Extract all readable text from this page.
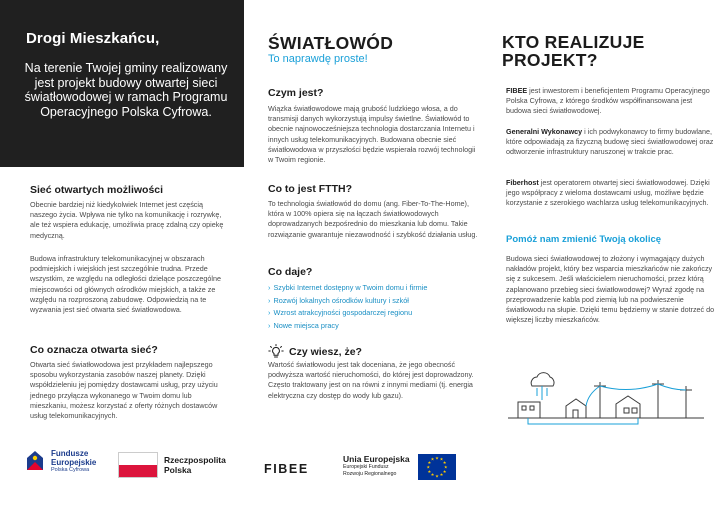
Drogi Mieszkańcu,
Na terenie Twojej gminy realizowany jest projekt budowy otwartej sieci światłowodowej w ramach Programu Operacyjnego Polska Cyfrowa.
Sieć otwartych możliwości

Obecnie bardziej niż kiedykolwiek Internet jest częścią naszego życia. Wpływa nie tylko na komunikację i rozrywkę, ale też wspiera edukację, umożliwia pracę zdalną czy opiekę medyczną.

Budowa infrastruktury telekomunikacyjnej w obszarach podmiejskich i wiejskich jest szczególnie trudna. Przede wszystkim, ze względu na odległości dzielące poszczególne miejscowości od głównych ośrodków miejskich, a także ze względu na rozproszoną zabudowę. Odpowiedzią na te wyzwania jest sieć otwarta sieć światłowodowa.

Co oznacza otwarta sieć?

Otwarta sieć światłowodowa jest przykładem najlepszego sposobu wykorzystania zasobów naszej planety. Dzięki współdzieleniu jej pomiędzy dostawcami usług, przy użyciu jednego przyłącza wykonanego w Twoim domu lub mieszkaniu, możesz korzystać z oferty różnych dostawców usług telekomunikacyjnych.

ŚWIATŁOWÓD
To naprawdę proste!
Czym jest?

Wiązka światłowodowe mają grubość ludzkiego włosa, a do transmisji danych wykorzystują impulsy świetlne. Światłowód to obecnie najnowocześniejsza technologia dostarczania Internetu i innych usług telekomunikacyjnych. Budowana obecnie sieć światłowodowa w przyszłości będzie wspierała rozwój technologii w Twoim regionie.

Co to jest FTTH?

To technologia światłowód do domu (ang. Fiber-To-The-Home), która w 100% opiera się na łączach światłowodowych doprowadzanych bezpośrednio do mieszkania lub domu. Takie rozwiązanie gwarantuje niezawodność i szybkość działania usług.

Co daje?
› Szybki Internet dostępny w Twoim domu i firmie
› Rozwój lokalnych ośrodków kultury i szkół
› Wzrost atrakcyjności gospodarczej regionu
› Nowe miejsca pracy
Czy wiesz, że?

Wartość światłowodu jest tak doceniana, że jego obecność podwyższa wartość nieruchomości, do której jest doprowadzony. Często traktowany jest on na równi z innymi mediami (tj. energia elektryczna czy dostęp do wody lub gazu).

KTO REALIZUJE
PROJEKT?

FIBEE jest inwestorem i beneficjentem Programu Operacyjnego Polska Cyfrowa, z którego środków współfinansowana jest budowa sieci światłowodowej.

Generalni Wykonawcy i ich podwykonawcy to firmy budowlane, które odpowiadają za fizyczną budowę sieci światłowodowej oraz odtworzenie infrastruktury naruszonej w trakcie prac.

Fiberhost jest operatorem otwartej sieci światłowodowej. Dzięki jego współpracy z wieloma dostawcami usług, możliwe będzie korzystanie z szerokiego wachlarza usług telekomunikacyjnych.

Pomóż nam zmienić Twoją okolicę

Budowa sieci światłowodowej to złożony i wymagający dużych nakładów projekt, który bez wsparcia mieszkańców nie zakończy się z sukcesem. Jeśli właścicielem nieruchomości, przez którą zaplanowano przebieg sieci światłowodowej? Wyraź zgodę na przeprowadzenie kabla pod ziemią lub na podwieszenie światłowodu na słupie. Dzięki temu będziemy w stanie dotrzeć do większej liczby mieszkańców.

Fundusze
Europejskie
Polska Cyfrowa
Rzeczpospolita
Polska	FIBEE
Unia Europejska
Europejski Fundusz
Rozwoju Regionalnego
★ ★
★
★
★
★
★
★
★
★
★
★
